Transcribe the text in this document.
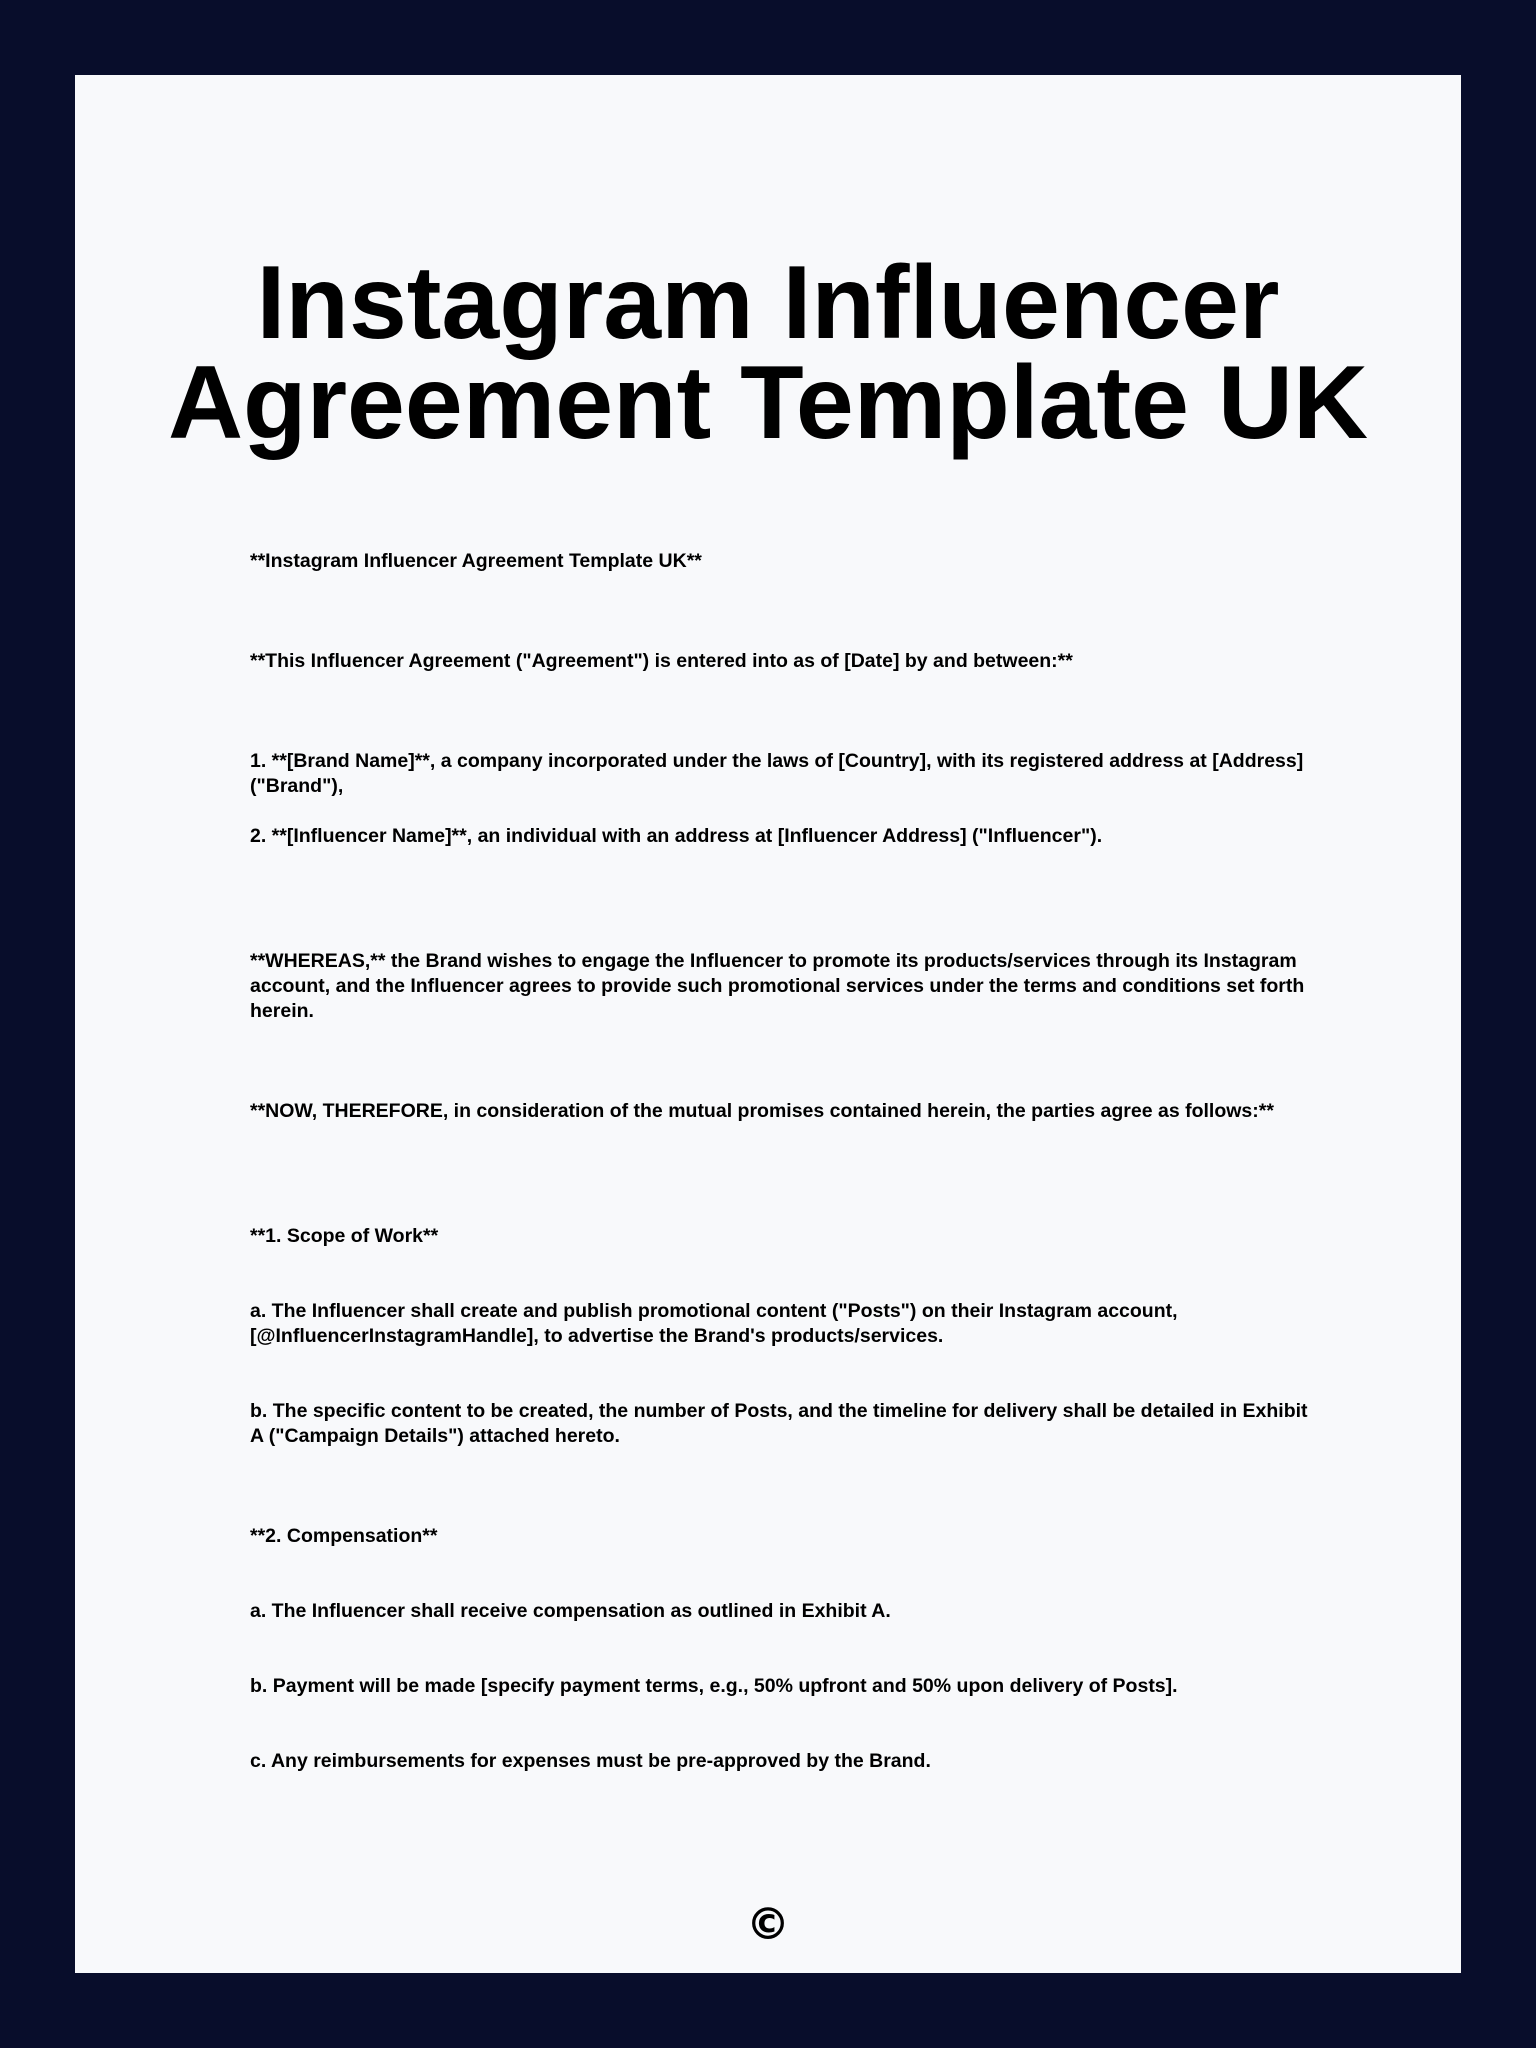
Instagram Influencer
Agreement Template UK

**Instagram Influencer Agreement Template UK**

**This Influencer Agreement ("Agreement") is entered into as of [Date] by and between:**

1. **[Brand Name]**, a company incorporated under the laws of [Country], with its registered address at [Address] ("Brand"),

2. **[Influencer Name]**, an individual with an address at [Influencer Address] ("Influencer").

**WHEREAS,** the Brand wishes to engage the Influencer to promote its products/services through its Instagram account, and the Influencer agrees to provide such promotional services under the terms and conditions set forth herein.

**NOW, THEREFORE, in consideration of the mutual promises contained herein, the parties agree as follows:**

**1. Scope of Work**

a. The Influencer shall create and publish promotional content ("Posts") on their Instagram account, [@InfluencerInstagramHandle], to advertise the Brand's products/services.

b. The specific content to be created, the number of Posts, and the timeline for delivery shall be detailed in Exhibit A ("Campaign Details") attached hereto.

**2. Compensation**

a. The Influencer shall receive compensation as outlined in Exhibit A.

b. Payment will be made [specify payment terms, e.g., 50% upfront and 50% upon delivery of Posts].

c. Any reimbursements for expenses must be pre-approved by the Brand.

©
